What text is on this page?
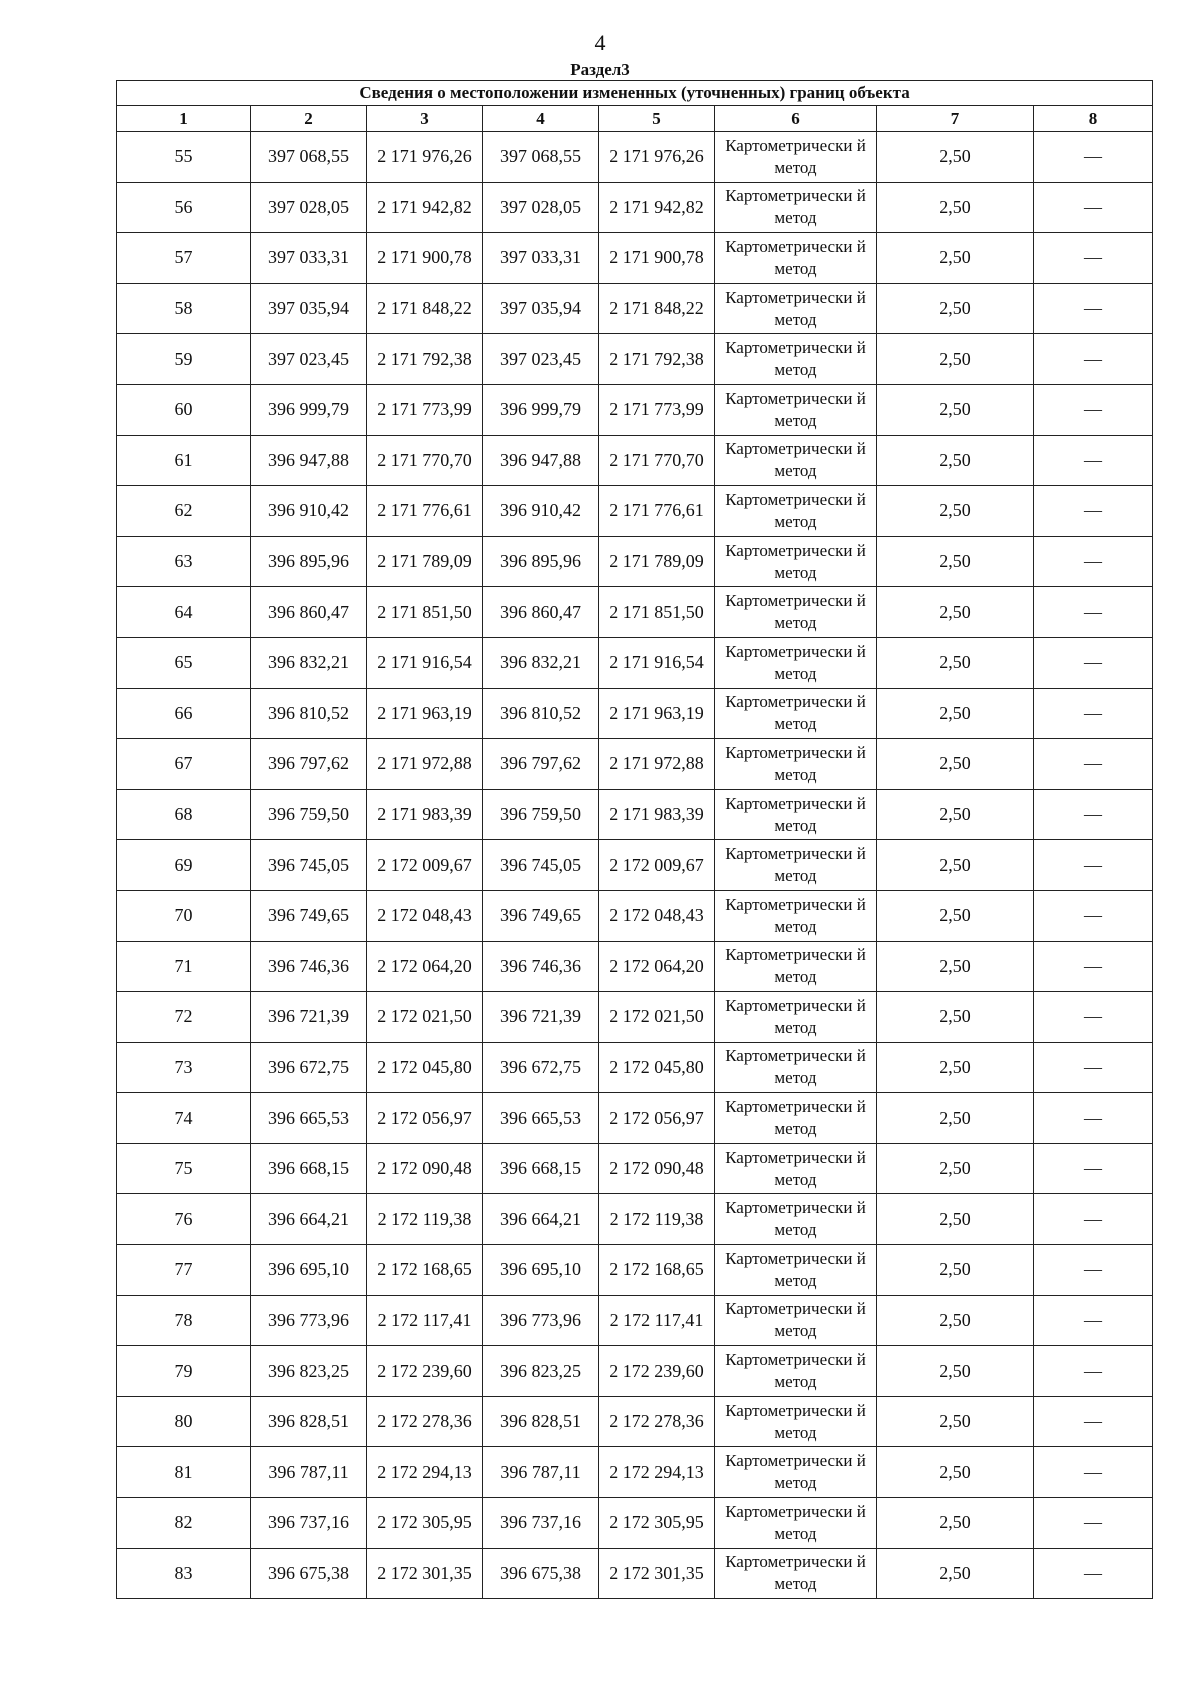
4
Раздел3
Сведения о местоположении измененных (уточненных) границ объекта							
1	2	3	4	5	6	7	8
55	397 068,55	2 171 976,26	397 068,55	2 171 976,26	Картометрически й метод	2,50	—
56	397 028,05	2 171 942,82	397 028,05	2 171 942,82	Картометрически й метод	2,50	—
57	397 033,31	2 171 900,78	397 033,31	2 171 900,78	Картометрически й метод	2,50	—
58	397 035,94	2 171 848,22	397 035,94	2 171 848,22	Картометрически й метод	2,50	—
59	397 023,45	2 171 792,38	397 023,45	2 171 792,38	Картометрически й метод	2,50	—
60	396 999,79	2 171 773,99	396 999,79	2 171 773,99	Картометрически й метод	2,50	—
61	396 947,88	2 171 770,70	396 947,88	2 171 770,70	Картометрически й метод	2,50	—
62	396 910,42	2 171 776,61	396 910,42	2 171 776,61	Картометрически й метод	2,50	—
63	396 895,96	2 171 789,09	396 895,96	2 171 789,09	Картометрически й метод	2,50	—
64	396 860,47	2 171 851,50	396 860,47	2 171 851,50	Картометрически й метод	2,50	—
65	396 832,21	2 171 916,54	396 832,21	2 171 916,54	Картометрически й метод	2,50	—
66	396 810,52	2 171 963,19	396 810,52	2 171 963,19	Картометрически й метод	2,50	—
67	396 797,62	2 171 972,88	396 797,62	2 171 972,88	Картометрически й метод	2,50	—
68	396 759,50	2 171 983,39	396 759,50	2 171 983,39	Картометрически й метод	2,50	—
69	396 745,05	2 172 009,67	396 745,05	2 172 009,67	Картометрически й метод	2,50	—
70	396 749,65	2 172 048,43	396 749,65	2 172 048,43	Картометрически й метод	2,50	—
71	396 746,36	2 172 064,20	396 746,36	2 172 064,20	Картометрически й метод	2,50	—
72	396 721,39	2 172 021,50	396 721,39	2 172 021,50	Картометрически й метод	2,50	—
73	396 672,75	2 172 045,80	396 672,75	2 172 045,80	Картометрически й метод	2,50	—
74	396 665,53	2 172 056,97	396 665,53	2 172 056,97	Картометрически й метод	2,50	—
75	396 668,15	2 172 090,48	396 668,15	2 172 090,48	Картометрически й метод	2,50	—
76	396 664,21	2 172 119,38	396 664,21	2 172 119,38	Картометрически й метод	2,50	—
77	396 695,10	2 172 168,65	396 695,10	2 172 168,65	Картометрически й метод	2,50	—
78	396 773,96	2 172 117,41	396 773,96	2 172 117,41	Картометрически й метод	2,50	—
79	396 823,25	2 172 239,60	396 823,25	2 172 239,60	Картометрически й метод	2,50	—
80	396 828,51	2 172 278,36	396 828,51	2 172 278,36	Картометрически й метод	2,50	—
81	396 787,11	2 172 294,13	396 787,11	2 172 294,13	Картометрически й метод	2,50	—
82	396 737,16	2 172 305,95	396 737,16	2 172 305,95	Картометрически й метод	2,50	—
83	396 675,38	2 172 301,35	396 675,38	2 172 301,35	Картометрически й метод	2,50	—
